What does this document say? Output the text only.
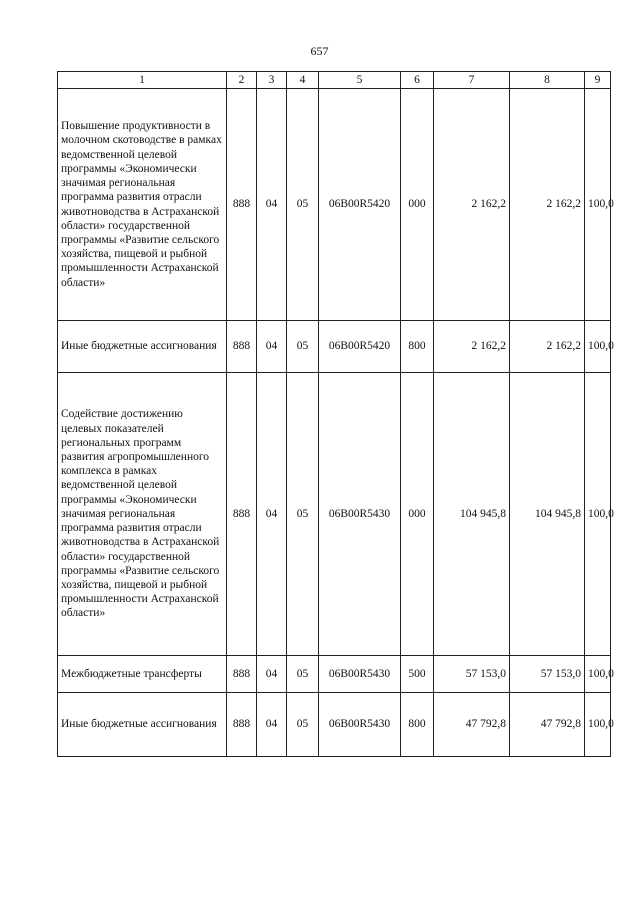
657
1	2	3	4	5	6	7	8	9
Повышение продуктивности в молочном скотоводстве в рамках ведомственной целевой программы «Экономически значимая региональная программа развития отрасли животноводства в Астраханской области» государственной программы «Развитие сельского хозяйства, пищевой и рыбной промышленности Астраханской области»	888	04	05	06В00R5420	000	2 162,2	2 162,2	100,0
Иные бюджетные ассигнования	888	04	05	06В00R5420	800	2 162,2	2 162,2	100,0
Содействие достижению целевых показателей региональных программ развития агропромышленного комплекса в рамках ведомственной целевой программы «Экономически значимая региональная программа развития отрасли животноводства в Астраханской области» государственной программы «Развитие сельского хозяйства, пищевой и рыбной промышленности Астраханской области»	888	04	05	06В00R5430	000	104 945,8	104 945,8	100,0
Межбюджетные трансферты	888	04	05	06В00R5430	500	57 153,0	57 153,0	100,0
Иные бюджетные ассигнования	888	04	05	06В00R5430	800	47 792,8	47 792,8	100,0
